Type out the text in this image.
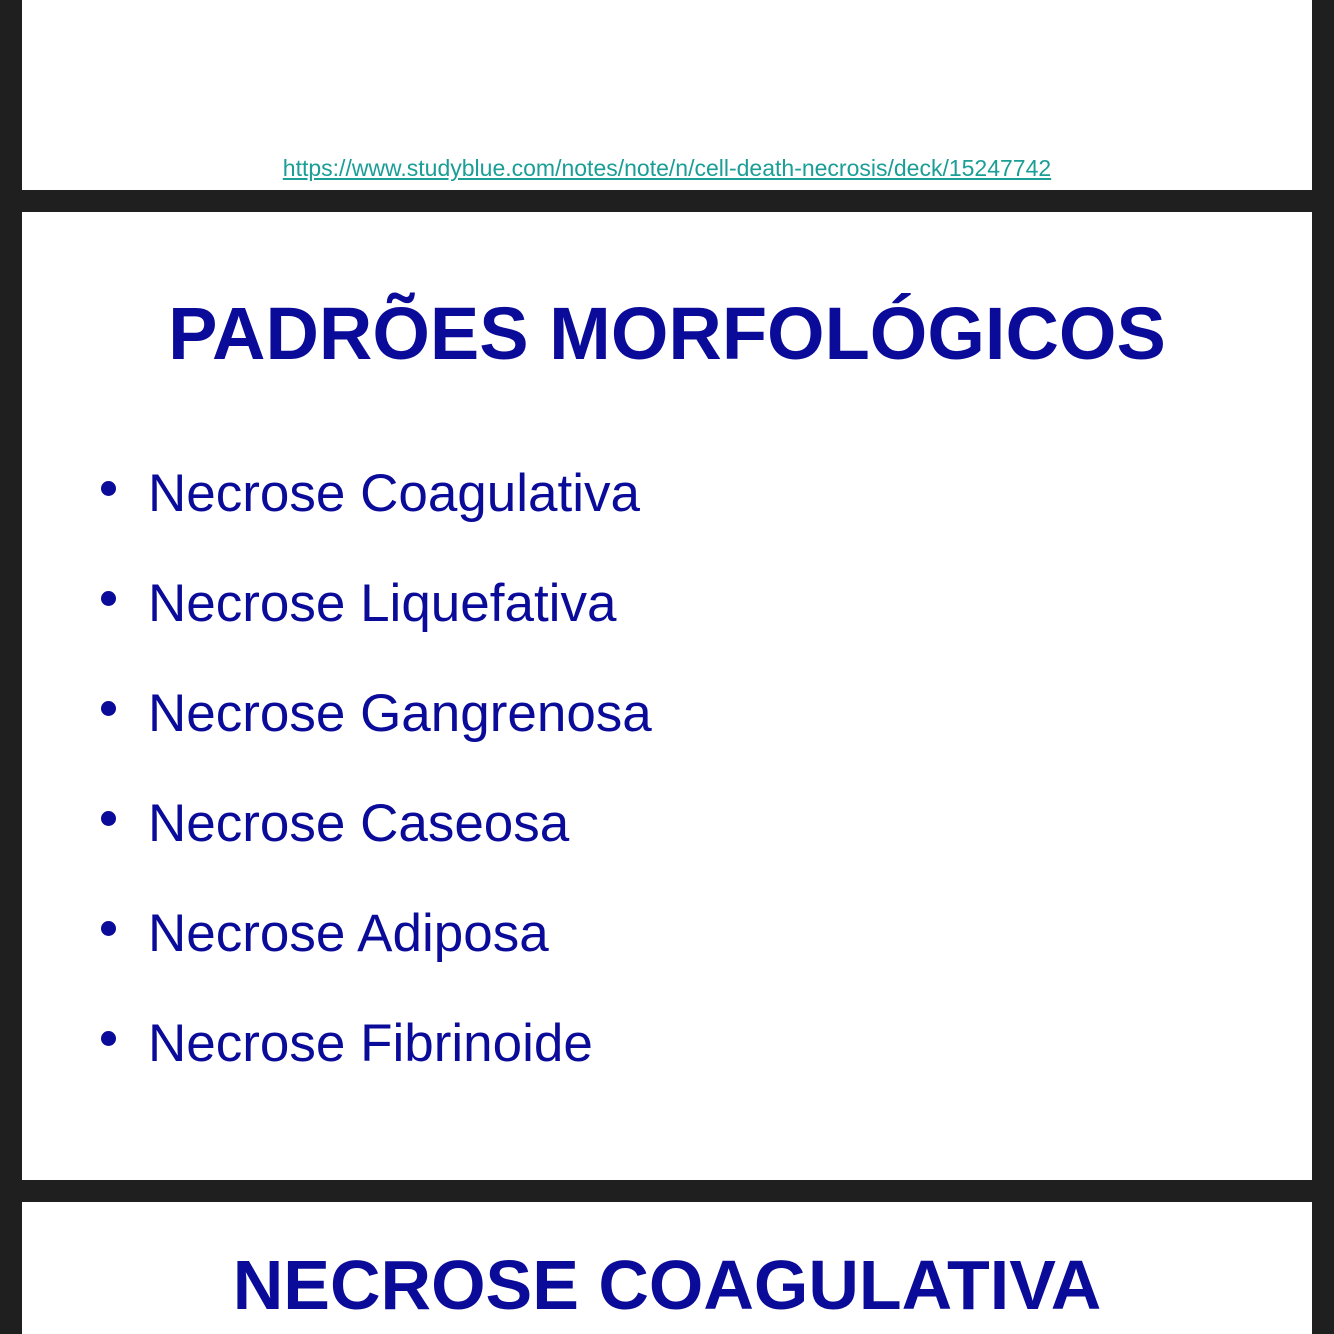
https://www.studyblue.com/notes/note/n/cell-death-necrosis/deck/15247742
PADRÕES MORFOLÓGICOS
Necrose Coagulativa
Necrose Liquefativa
Necrose Gangrenosa
Necrose Caseosa
Necrose Adiposa
Necrose Fibrinoide
NECROSE COAGULATIVA
